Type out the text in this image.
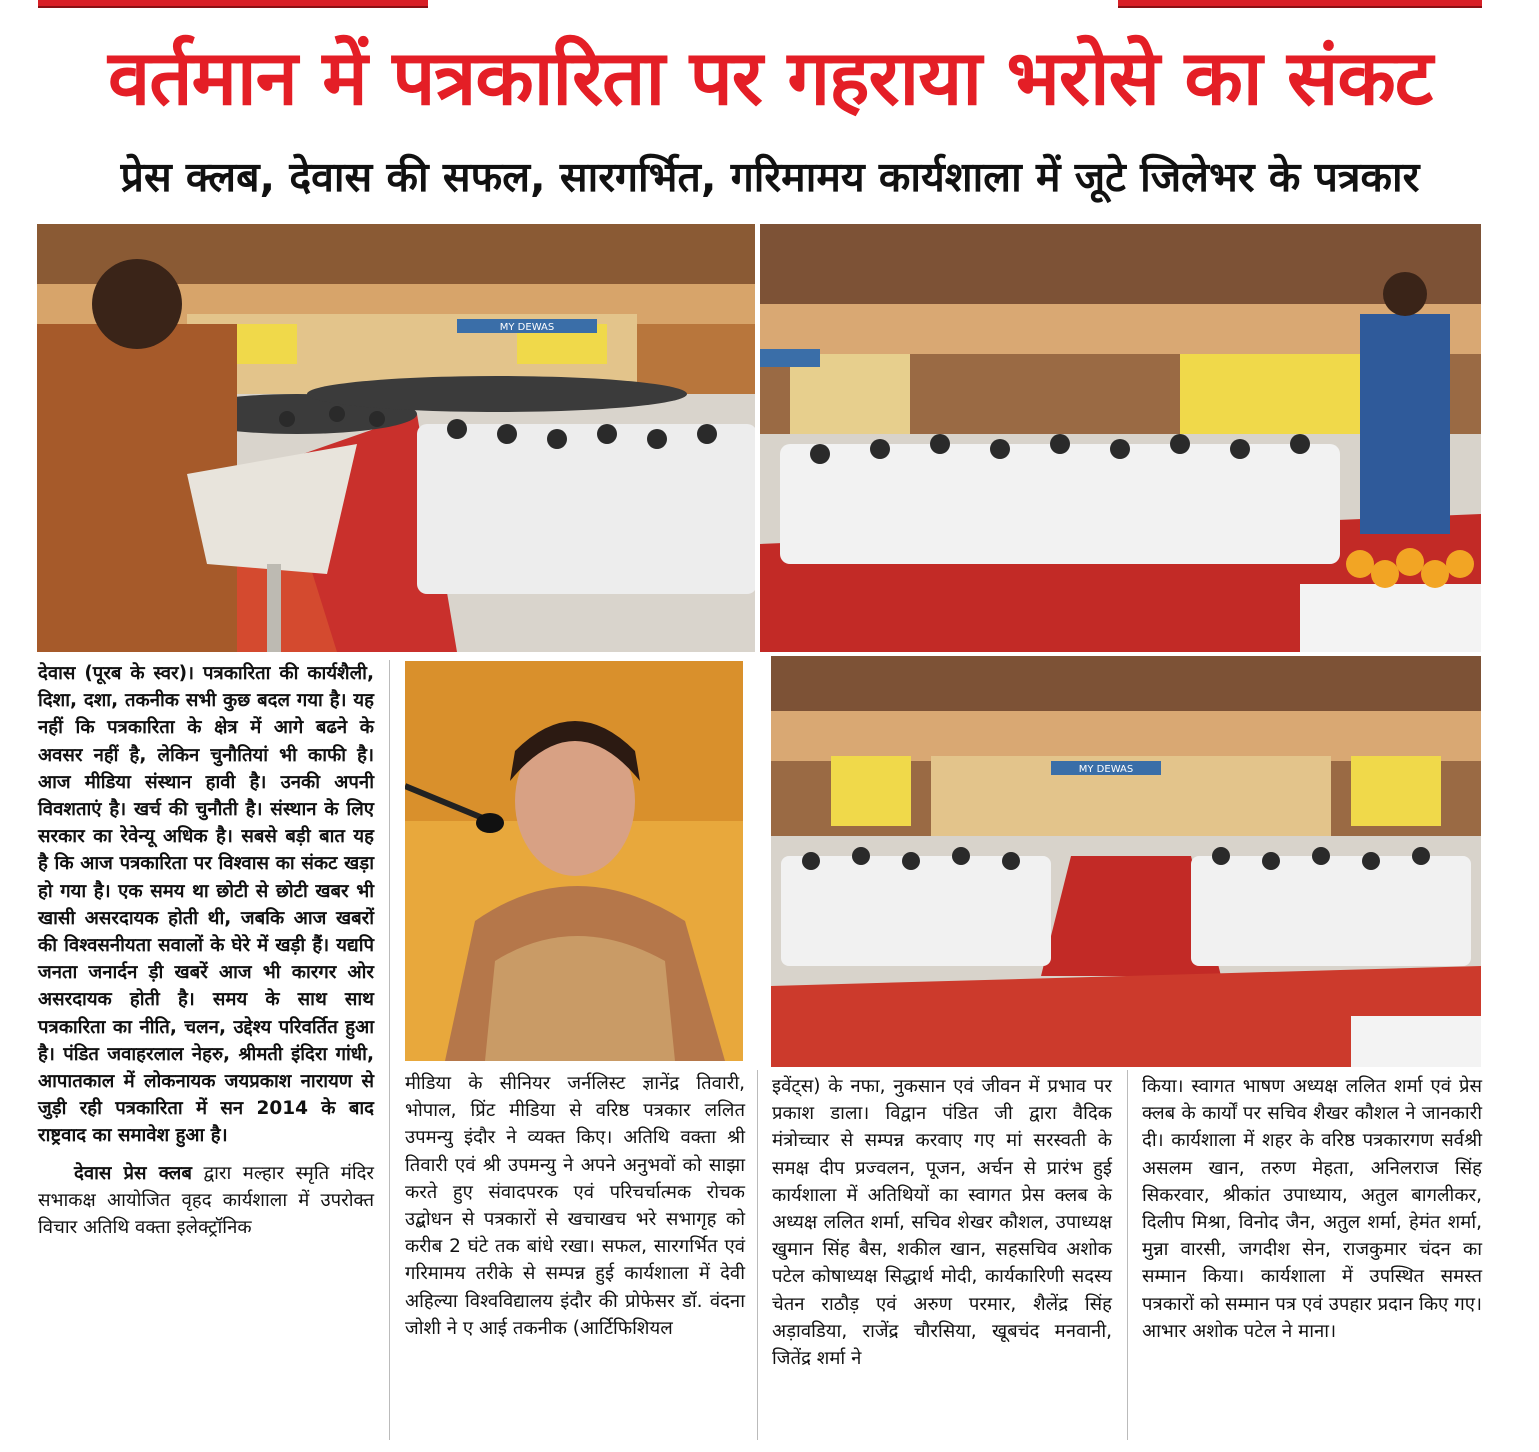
वर्तमान में पत्रकारिता पर गहराया भरोसे का संकट
प्रेस क्लब, देवास की सफल, सारगर्भित, गरिमामय कार्यशाला में जूटे जिलेभर के पत्रकार
MY DEWAS
MY DEWAS

देवास (पूरब के स्वर)। पत्रकारिता की कार्यशैली, दिशा, दशा, तकनीक सभी कुछ बदल गया है। यह नहीं कि पत्रकारिता के क्षेत्र में आगे बढने के अवसर नहीं है, लेकिन चुनौतियां भी काफी है। आज मीडिया संस्थान हावी है। उनकी अपनी विवशताएं है। खर्च की चुनौती है। संस्थान के लिए सरकार का रेवेन्यू अधिक है। सबसे बड़ी बात यह है कि आज पत्रकारिता पर विश्वास का संकट खड़ा हो गया है। एक समय था छोटी से छोटी खबर भी खासी असरदायक होती थी, जबकि आज खबरों की विश्वसनीयता सवालों के घेरे में खड़ी हैं। यद्यपि जनता जनार्दन ड़ी खबरें आज भी कारगर ओर असरदायक होती है। समय के साथ साथ पत्रकारिता का नीति, चलन, उद्देश्य परिवर्तित हुआ है। पंडित जवाहरलाल नेहरु, श्रीमती इंदिरा गांधी, आपातकाल में लोकनायक जयप्रकाश नारायण से जुड़ी रही पत्रकारिता में सन 2014 के बाद राष्ट्रवाद का समावेश हुआ है।

देवास प्रेस क्लब द्वारा मल्हार स्मृति मंदिर सभाकक्ष आयोजित वृहद कार्यशाला में उपरोक्त विचार अतिथि वक्ता इलेक्ट्रॉनिक

मीडिया के सीनियर जर्नलिस्ट ज्ञानेंद्र तिवारी, भोपाल, प्रिंट मीडिया से वरिष्ठ पत्रकार ललित उपमन्यु इंदौर ने व्यक्त किए। अतिथि वक्ता श्री तिवारी एवं श्री उपमन्यु ने अपने अनुभवों को साझा करते हुए संवादपरक एवं परिचर्चात्मक रोचक उद्बोधन से पत्रकारों से खचाखच भरे सभागृह को करीब 2 घंटे तक बांधे रखा। सफल, सारगर्भित एवं गरिमामय तरीके से सम्पन्न हुई कार्यशाला में देवी अहिल्या विश्वविद्यालय इंदौर की प्रोफेसर डॉ. वंदना जोशी ने ए आई तकनीक (आर्टिफिशियल

इवेंट्स) के नफा, नुकसान एवं जीवन में प्रभाव पर प्रकाश डाला। विद्वान पंडित जी द्वारा वैदिक मंत्रोच्चार से सम्पन्न करवाए गए मां सरस्वती के समक्ष दीप प्रज्वलन, पूजन, अर्चन से प्रारंभ हुई कार्यशाला में अतिथियों का स्वागत प्रेस क्लब के अध्यक्ष ललित शर्मा, सचिव शेखर कौशल, उपाध्यक्ष खुमान सिंह बैस, शकील खान, सहसचिव अशोक पटेल कोषाध्यक्ष सिद्धार्थ मोदी, कार्यकारिणी सदस्य चेतन राठौड़ एवं अरुण परमार, शैलेंद्र सिंह अड़ावडिया, राजेंद्र चौरसिया, खूबचंद मनवानी, जितेंद्र शर्मा ने

किया। स्वागत भाषण अध्यक्ष ललित शर्मा एवं प्रेस क्लब के कार्यों पर सचिव शैखर कौशल ने जानकारी दी। कार्यशाला में शहर के वरिष्ठ पत्रकारगण सर्वश्री असलम खान, तरुण मेहता, अनिलराज सिंह सिकरवार, श्रीकांत उपाध्याय, अतुल बागलीकर, दिलीप मिश्रा, विनोद जैन, अतुल शर्मा, हेमंत शर्मा, मुन्ना वारसी, जगदीश सेन, राजकुमार चंदन का सम्मान किया। कार्यशाला में उपस्थित समस्त पत्रकारों को सम्मान पत्र एवं उपहार प्रदान किए गए। आभार अशोक पटेल ने माना।
